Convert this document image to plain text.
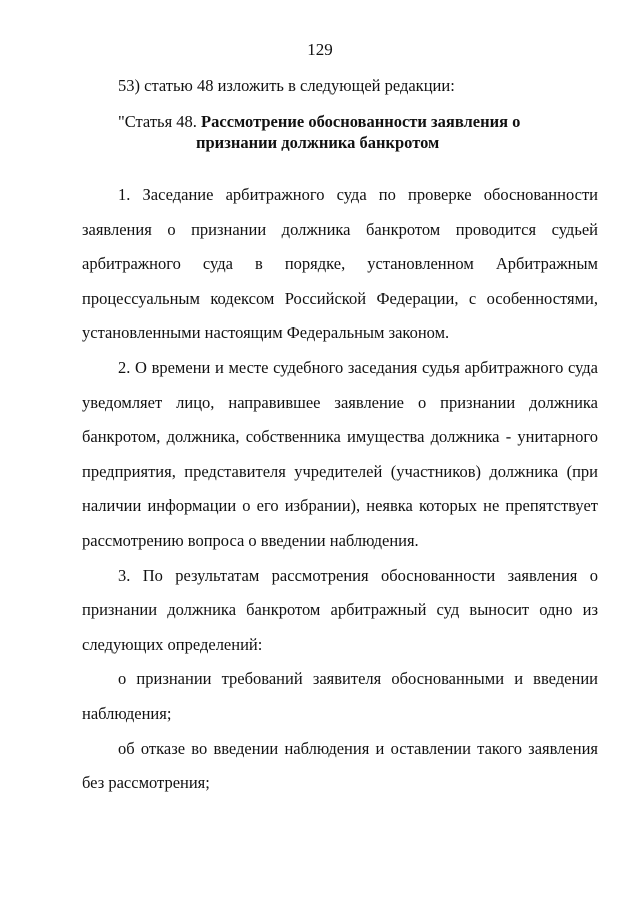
129
53) статью 48 изложить в следующей редакции:
"Статья 48. Рассмотрение обоснованности заявления о
признании должника банкротом

1. Заседание арбитражного суда по проверке обоснованности заявления о признании должника банкротом проводится судьей арбитражного суда в порядке, установленном Арбитражным процессуальным кодексом Российской Федерации, с особенностями, установленными настоящим Федеральным законом.

2. О времени и месте судебного заседания судья арбитражного суда уведомляет лицо, направившее заявление о признании должника банкротом, должника, собственника имущества должника - унитарного предприятия, представителя учредителей (участников) должника (при наличии информации о его избрании), неявка которых не препятствует рассмотрению вопроса о введении наблюдения.

3. По результатам рассмотрения обоснованности заявления о признании должника банкротом арбитражный суд выносит одно из следующих определений:

о признании требований заявителя обоснованными и введении наблюдения;

об отказе во введении наблюдения и оставлении такого заявления без рассмотрения;
